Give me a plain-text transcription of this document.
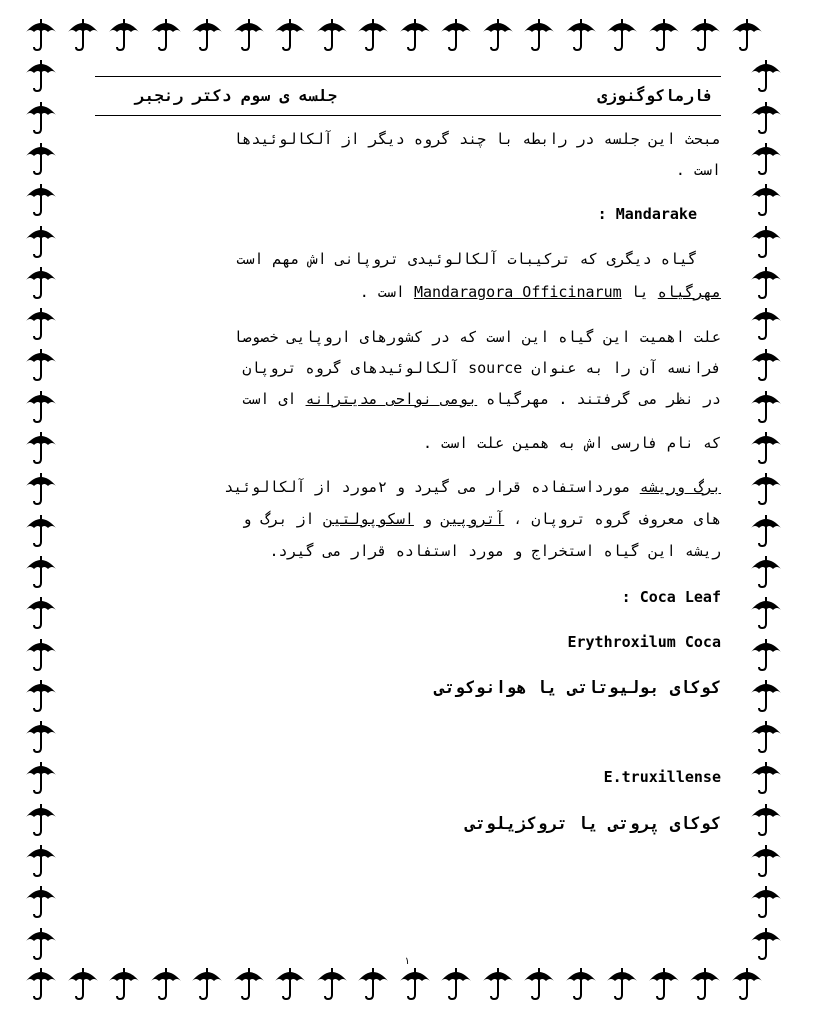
فارماکوگنوزی
جلسه ی سوم دکتر رنجبر
مبحث این جلسه در رابطه با چند گروه دیگر از آلکالوئیدها
است .
: Mandarake
گیاه دیگری که ترکیبات آلکالوئیدی تروپانی اش مهم است
مهرگیاه یا Mandaragora Officinarum است .
علت اهمیت این گیاه این است که در کشورهای اروپایی خصوصا
فرانسه آن را به عنوان source آلکالوئیدهای گروه تروپان
در نظر می گرفتند . مهرگیاه بومی نواحی مدیترانه ای است
که نام فارسی اش به همین علت است .
برگ وریشه مورداستفاده قرار می گیرد و ۲مورد از آلکالوئید
های معروف گروه تروپان ، آتروپین و اسکوپولتین از برگ و
ریشه این گیاه استخراج و مورد استفاده قرار می گیرد.
: Coca Leaf
Erythroxilum Coca
کوکای بولیوتاتی یا هوانوکوتی
E.truxillense
کوکای پروتی یا تروکزیلوتی
۱
